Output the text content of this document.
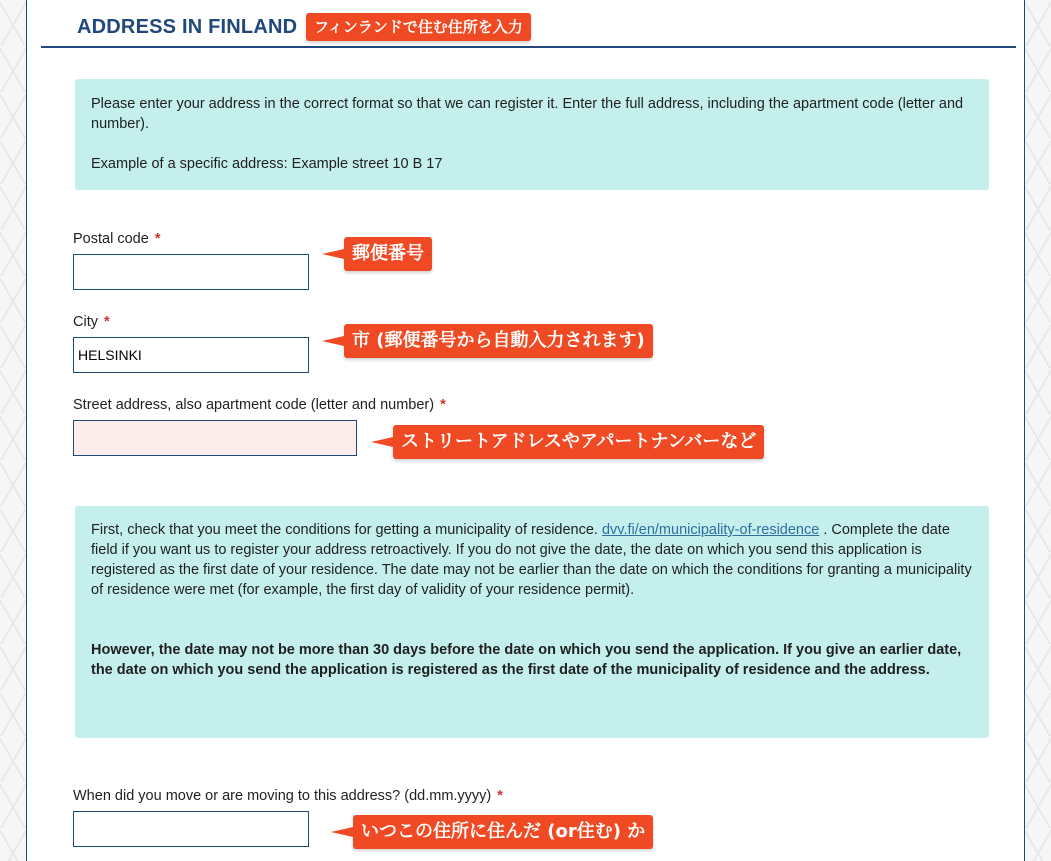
ADDRESS IN FINLAND

Please enter your address in the correct format so that we can register it. Enter the full address, including the apartment code (letter and number).

Example of a specific address: Example street 10 B 17

Postal code *
City *
HELSINKI
Street address, also apartment code (letter and number) *

First, check that you meet the conditions for getting a municipality of residence. dvv.fi/en/municipality-of-residence . Complete the date field if you want us to register your address retroactively. If you do not give the date, the date on which you send this application is registered as the first date of your residence. The date may not be earlier than the date on which the conditions for granting a municipality of residence were met (for example, the first day of validity of your residence permit).

However, the date may not be more than 30 days before the date on which you send the application. If you give an earlier date, the date on which you send the application is registered as the first date of the municipality of residence and the address.

When did you move or are moving to this address? (dd.mm.yyyy) *
フィンランドで住む住所を入力
郵便番号
市 (郵便番号から自動入力されます)
ストリートアドレスやアパートナンバーなど
いつこの住所に住んだ (or住む) か
